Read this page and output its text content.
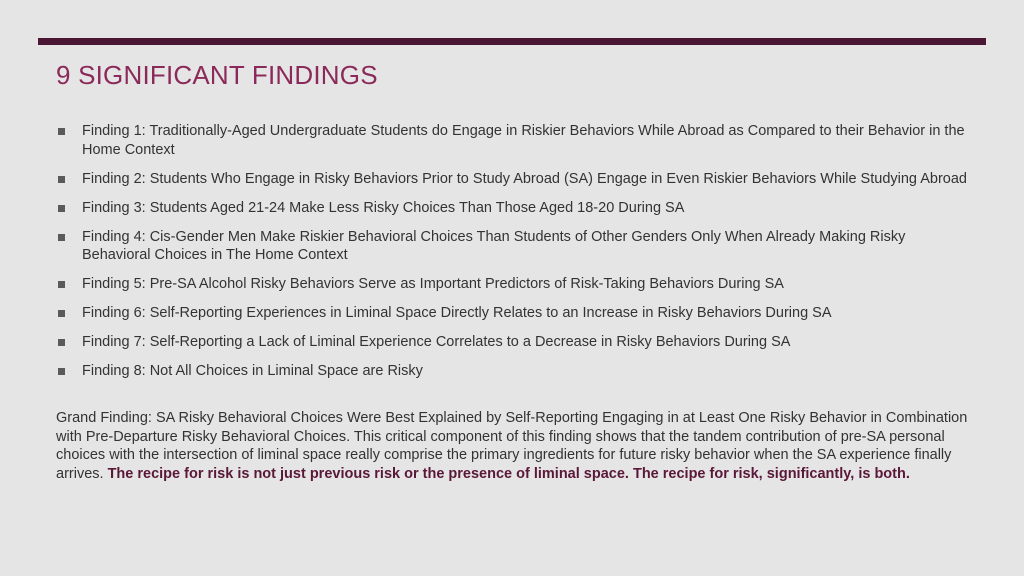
9 SIGNIFICANT FINDINGS
Finding 1: Traditionally-Aged Undergraduate Students do Engage in Riskier Behaviors While Abroad as Compared to their Behavior in the Home Context
Finding 2: Students Who Engage in Risky Behaviors Prior to Study Abroad (SA) Engage in Even Riskier Behaviors While Studying Abroad
Finding 3: Students Aged 21-24 Make Less Risky Choices Than Those Aged 18-20 During SA
Finding 4: Cis-Gender Men Make Riskier Behavioral Choices Than Students of Other Genders Only When Already Making Risky Behavioral Choices in The Home Context
Finding 5: Pre-SA Alcohol Risky Behaviors Serve as Important Predictors of Risk-Taking Behaviors During SA
Finding 6: Self-Reporting Experiences in Liminal Space Directly Relates to an Increase in Risky Behaviors During SA
Finding 7: Self-Reporting a Lack of Liminal Experience Correlates to a Decrease in Risky Behaviors During SA
Finding 8: Not All Choices in Liminal Space are Risky

Grand Finding: SA Risky Behavioral Choices Were Best Explained by Self-Reporting Engaging in at Least One Risky Behavior in Combination with Pre-Departure Risky Behavioral Choices. This critical component of this finding shows that the tandem contribution of pre-SA personal choices with the intersection of liminal space really comprise the primary ingredients for future risky behavior when the SA experience finally arrives. The recipe for risk is not just previous risk or the presence of liminal space. The recipe for risk, significantly, is both.
